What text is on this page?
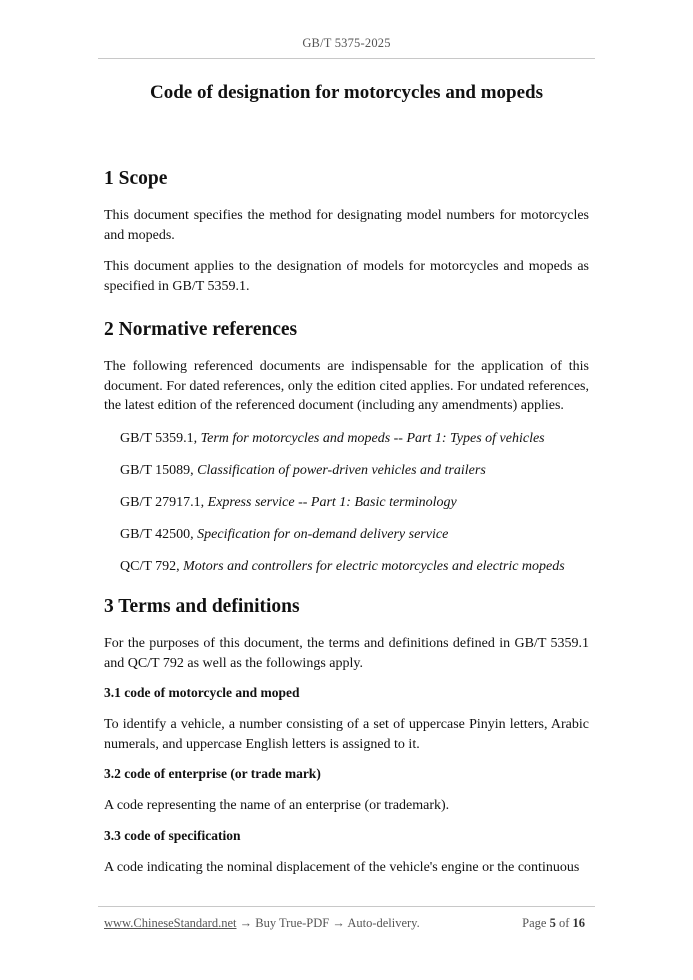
GB/T 5375-2025
Code of designation for motorcycles and mopeds
1 Scope

This document specifies the method for designating model numbers for motorcycles and mopeds.

This document applies to the designation of models for motorcycles and mopeds as specified in GB/T 5359.1.

2 Normative references

The following referenced documents are indispensable for the application of this document. For dated references, only the edition cited applies. For undated references, the latest edition of the referenced document (including any amendments) applies.

GB/T 5359.1, Term for motorcycles and mopeds -- Part 1: Types of vehicles
GB/T 15089, Classification of power-driven vehicles and trailers
GB/T 27917.1, Express service -- Part 1: Basic terminology
GB/T 42500, Specification for on-demand delivery service
QC/T 792, Motors and controllers for electric motorcycles and electric mopeds
3 Terms and definitions

For the purposes of this document, the terms and definitions defined in GB/T 5359.1 and QC/T 792 as well as the followings apply.

3.1 code of motorcycle and moped

To identify a vehicle, a number consisting of a set of uppercase Pinyin letters, Arabic numerals, and uppercase English letters is assigned to it.

3.2 code of enterprise (or trade mark)

A code representing the name of an enterprise (or trademark).

3.3 code of specification

A code indicating the nominal displacement of the vehicle's engine or the continuous

www.ChineseStandard.net → Buy True-PDF → Auto-delivery.	Page 5 of 16
